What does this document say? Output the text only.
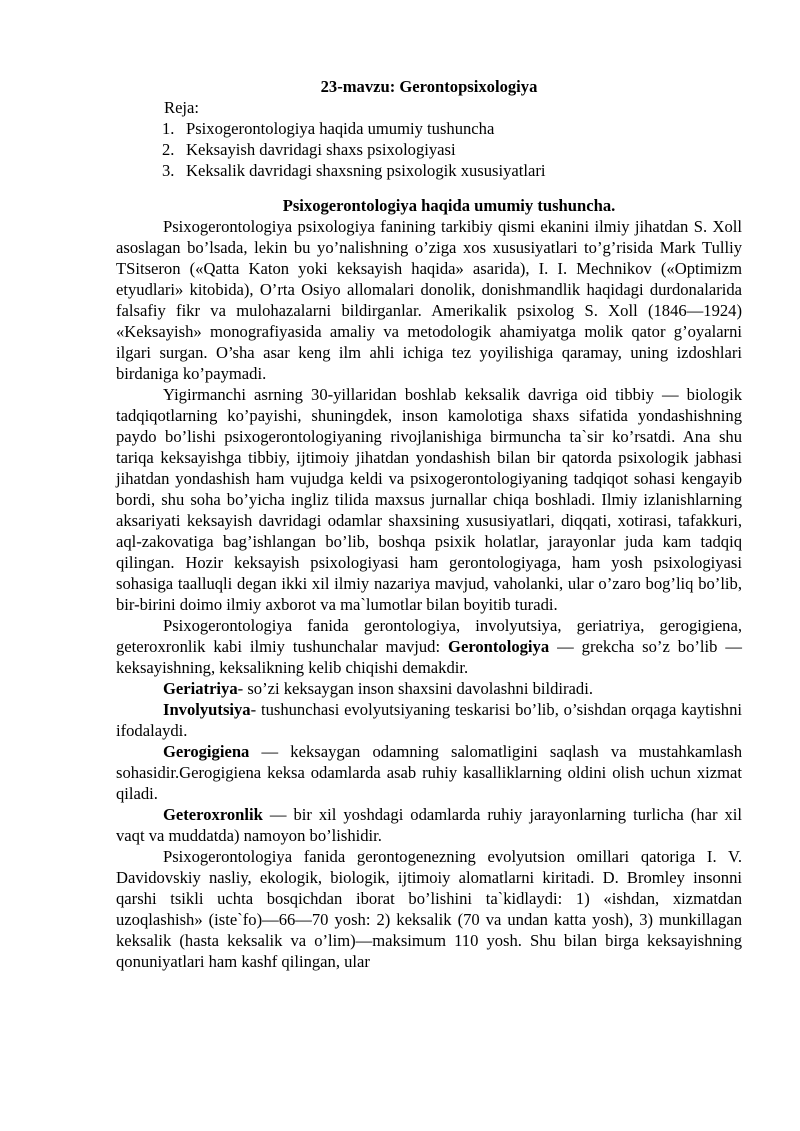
23-mavzu: Gerontopsixologiya
Reja:
1. Psixogerontologiya haqida umumiy tushuncha
2. Keksayish davridagi shaxs psixologiyasi
3. Keksalik davridagi shaxsning psixologik xususiyatlari
Psixogerontologiya haqida umumiy tushuncha.

Psixogerontologiya psixologiya fanining tarkibiy qismi ekanini ilmiy jihatdan S. Xoll asoslagan bo’lsada, lekin bu yo’nalishning o’ziga xos xususiyatlari to’g’risida Mark Tulliy TSitseron («Qatta Katon yoki keksayish haqida» asarida), I. I. Mechnikov («Optimizm etyudlari» kitobida), O’rta Osiyo allomalari donolik, donishmandlik haqidagi durdonalarida falsafiy fikr va mulohazalarni bildirganlar. Amerikalik psixolog S. Xoll (1846—1924) «Keksayish» monografiyasida amaliy va metodologik ahamiyatga molik qator g’oyalarni ilgari surgan. O’sha asar keng ilm ahli ichiga tez yoyilishiga qaramay, uning izdoshlari birdaniga ko’paymadi.

Yigirmanchi asrning 30-yillaridan boshlab keksalik davriga oid tibbiy — biologik tadqiqotlarning ko’payishi, shuningdek, inson kamolotiga shaxs sifatida yondashishning paydo bo’lishi psixogerontologiyaning rivojlanishiga birmuncha ta`sir ko’rsatdi. Ana shu tariqa keksayishga tibbiy, ijtimoiy jihatdan yondashish bilan bir qatorda psixologik jabhasi jihatdan yondashish ham vujudga keldi va psixogerontologiyaning tadqiqot sohasi kengayib bordi, shu soha bo’yicha ingliz tilida maxsus jurnallar chiqa boshladi. Ilmiy izlanishlarning aksariyati keksayish davridagi odamlar shaxsining xususiyatlari, diqqati, xotirasi, tafakkuri, aql-zakovatiga bag’ishlangan bo’lib, boshqa psixik holatlar, jarayonlar juda kam tadqiq qilingan. Hozir keksayish psixologiyasi ham gerontologiyaga, ham yosh psixologiyasi sohasiga taalluqli degan ikki xil ilmiy nazariya mavjud, vaholanki, ular o’zaro bog’liq bo’lib, bir-birini doimo ilmiy axborot va ma`lumotlar bilan boyitib turadi.

Psixogerontologiya fanida gerontologiya, involyutsiya, geriatriya, gerogigiena, geteroxronlik kabi ilmiy tushunchalar mavjud: Gerontologiya — grekcha so’z bo’lib — keksayishning, keksalikning kelib chiqishi demakdir.

Geriatriya- so’zi keksaygan inson shaxsini davolashni bildiradi.

Involyutsiya- tushunchasi evolyutsiyaning teskarisi bo’lib, o’sishdan orqaga kaytishni ifodalaydi.

Gerogigiena — keksaygan odamning salomatligini saqlash va mustahkamlash sohasidir.Gerogigiena keksa odamlarda asab ruhiy kasalliklarning oldini olish uchun xizmat qiladi.

Geteroxronlik — bir xil yoshdagi odamlarda ruhiy jarayonlarning turlicha (har xil vaqt va muddatda) namoyon bo’lishidir.

Psixogerontologiya fanida gerontogenezning evolyutsion omillari qatoriga I. V. Davidovskiy nasliy, ekologik, biologik, ijtimoiy alomatlarni kiritadi. D. Bromley insonni qarshi tsikli uchta bosqichdan iborat bo’lishini ta`kidlaydi: 1) «ishdan, xizmatdan uzoqlashish» (iste`fo)—66—70 yosh: 2) keksalik (70 va undan katta yosh), 3) munkillagan keksalik (hasta keksalik va o’lim)—maksimum 110 yosh. Shu bilan birga keksayishning qonuniyatlari ham kashf qilingan, ular
